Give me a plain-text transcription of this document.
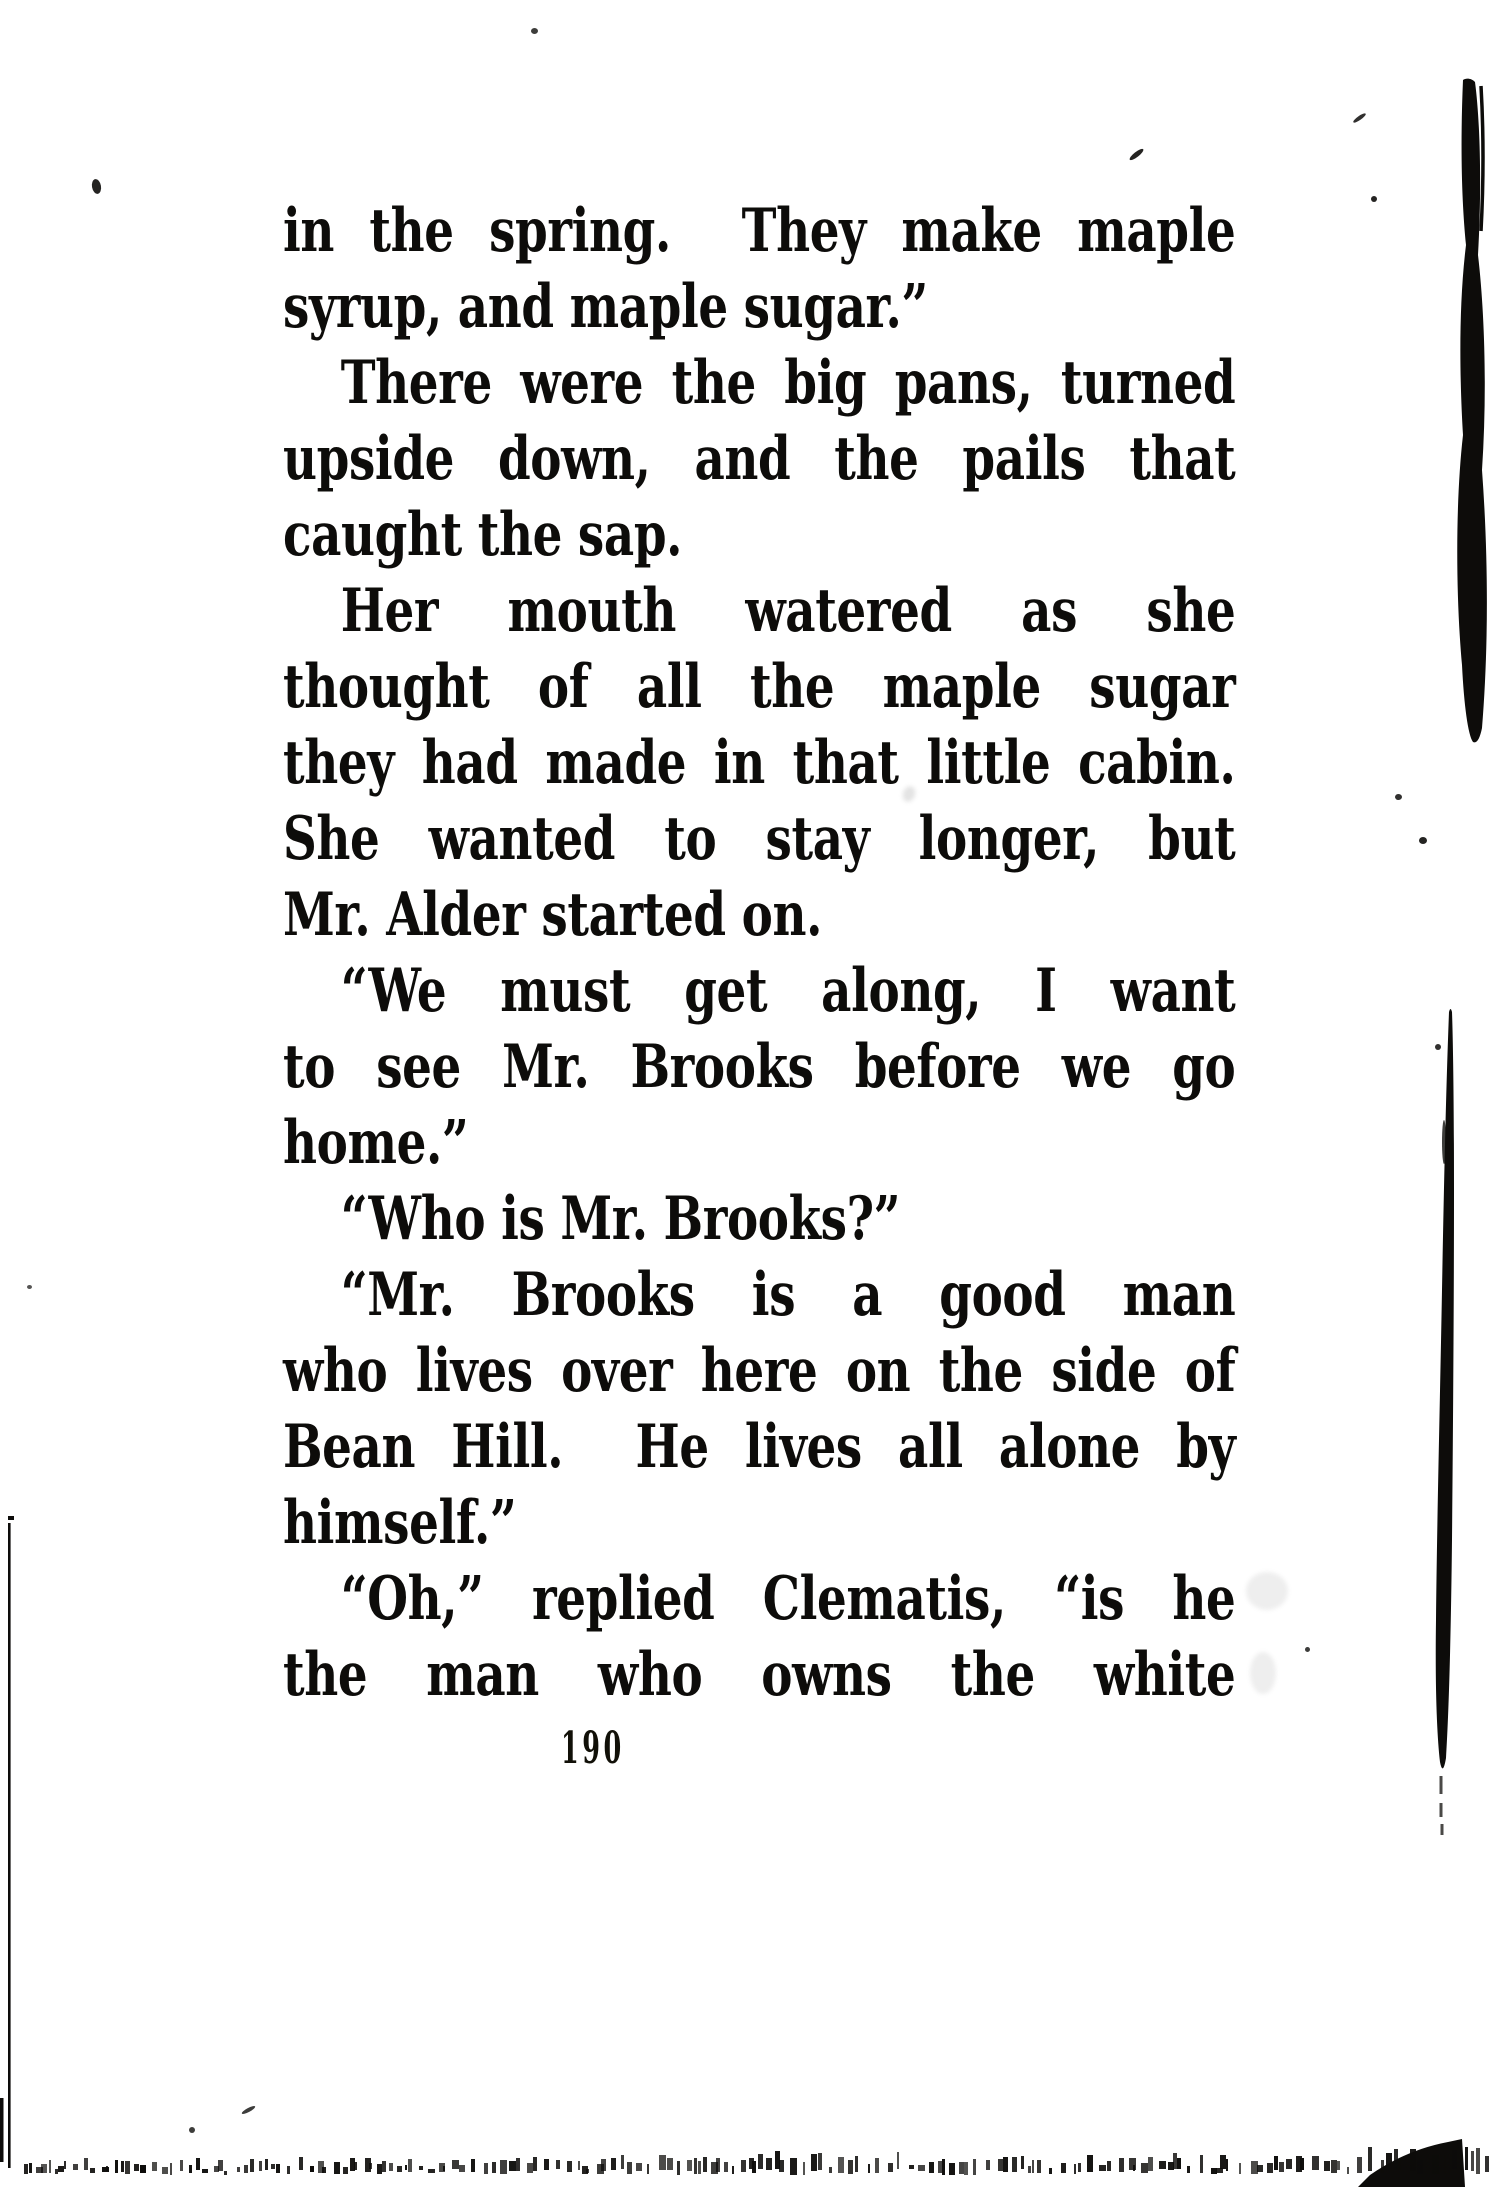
in the spring.  They make maple
syrup, and maple sugar.”
There were the big pans, turned
upside down, and the pails that
caught the sap.
Her mouth watered as she
thought of all the maple sugar
they had made in that little cabin.
She wanted to stay longer, but
Mr. Alder started on.
“We must get along, I want
to see Mr. Brooks before we go
home.”
“Who is Mr. Brooks?”
“Mr. Brooks is a good man
who lives over here on the side of
Bean Hill.  He lives all alone by
himself.”
“Oh,” replied Clematis, “is he
the man who owns the white
190
